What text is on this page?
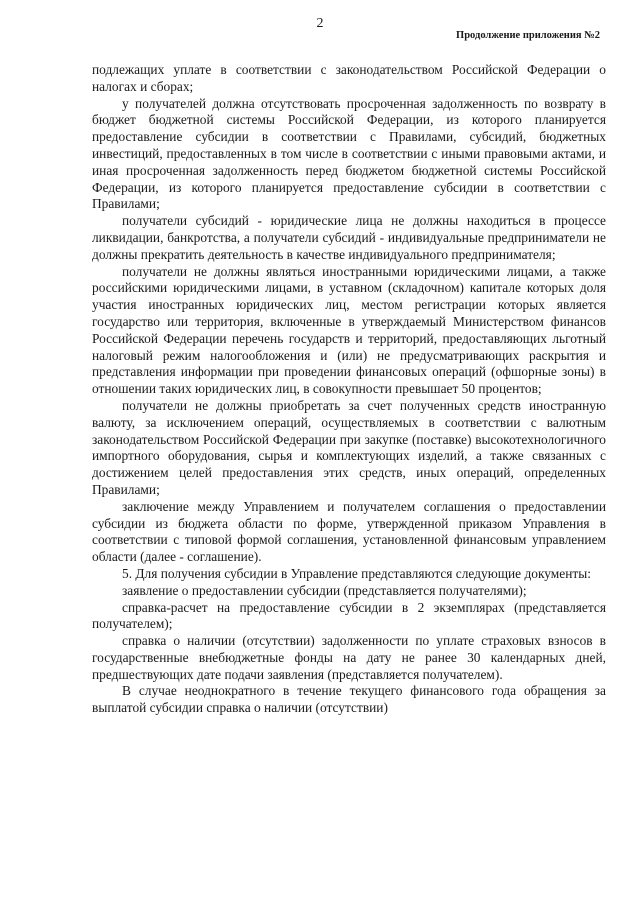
2
Продолжение приложения №2

подлежащих уплате в соответствии с законодательством Российской Федерации о налогах и сборах;

у получателей должна отсутствовать просроченная задолженность по возврату в бюджет бюджетной системы Российской Федерации, из которого планируется предоставление субсидии в соответствии с Правилами, субсидий, бюджетных инвестиций, предоставленных в том числе в соответствии с иными правовыми актами, и иная просроченная задолженность перед бюджетом бюджетной системы Российской Федерации, из которого планируется предоставление субсидии в соответствии с Правилами;

получатели субсидий - юридические лица не должны находиться в процессе ликвидации, банкротства, а получатели субсидий - индивидуальные предприниматели не должны прекратить деятельность в качестве индивидуального предпринимателя;

получатели не должны являться иностранными юридическими лицами, а также российскими юридическими лицами, в уставном (складочном) капитале которых доля участия иностранных юридических лиц, местом регистрации которых является государство или территория, включенные в утверждаемый Министерством финансов Российской Федерации перечень государств и территорий, предоставляющих льготный налоговый режим налогообложения и (или) не предусматривающих раскрытия и представления информации при проведении финансовых операций (офшорные зоны) в отношении таких юридических лиц, в совокупности превышает 50 процентов;

получатели не должны приобретать за счет полученных средств иностранную валюту, за исключением операций, осуществляемых в соответствии с валютным законодательством Российской Федерации при закупке (поставке) высокотехнологичного импортного оборудования, сырья и комплектующих изделий, а также связанных с достижением целей предоставления этих средств, иных операций, определенных Правилами;

заключение между Управлением и получателем соглашения о предоставлении субсидии из бюджета области по форме, утвержденной приказом Управления в соответствии с типовой формой соглашения, установленной финансовым управлением области (далее - соглашение).

5. Для получения субсидии в Управление представляются следующие документы:

заявление о предоставлении субсидии (представляется получателями);

справка-расчет на предоставление субсидии в 2 экземплярах (представляется получателем);

справка о наличии (отсутствии) задолженности по уплате страховых взносов в государственные внебюджетные фонды на дату не ранее 30 календарных дней, предшествующих дате подачи заявления (представляется получателем).

В случае неоднократного в течение текущего финансового года обращения за выплатой субсидии справка о наличии (отсутствии)
